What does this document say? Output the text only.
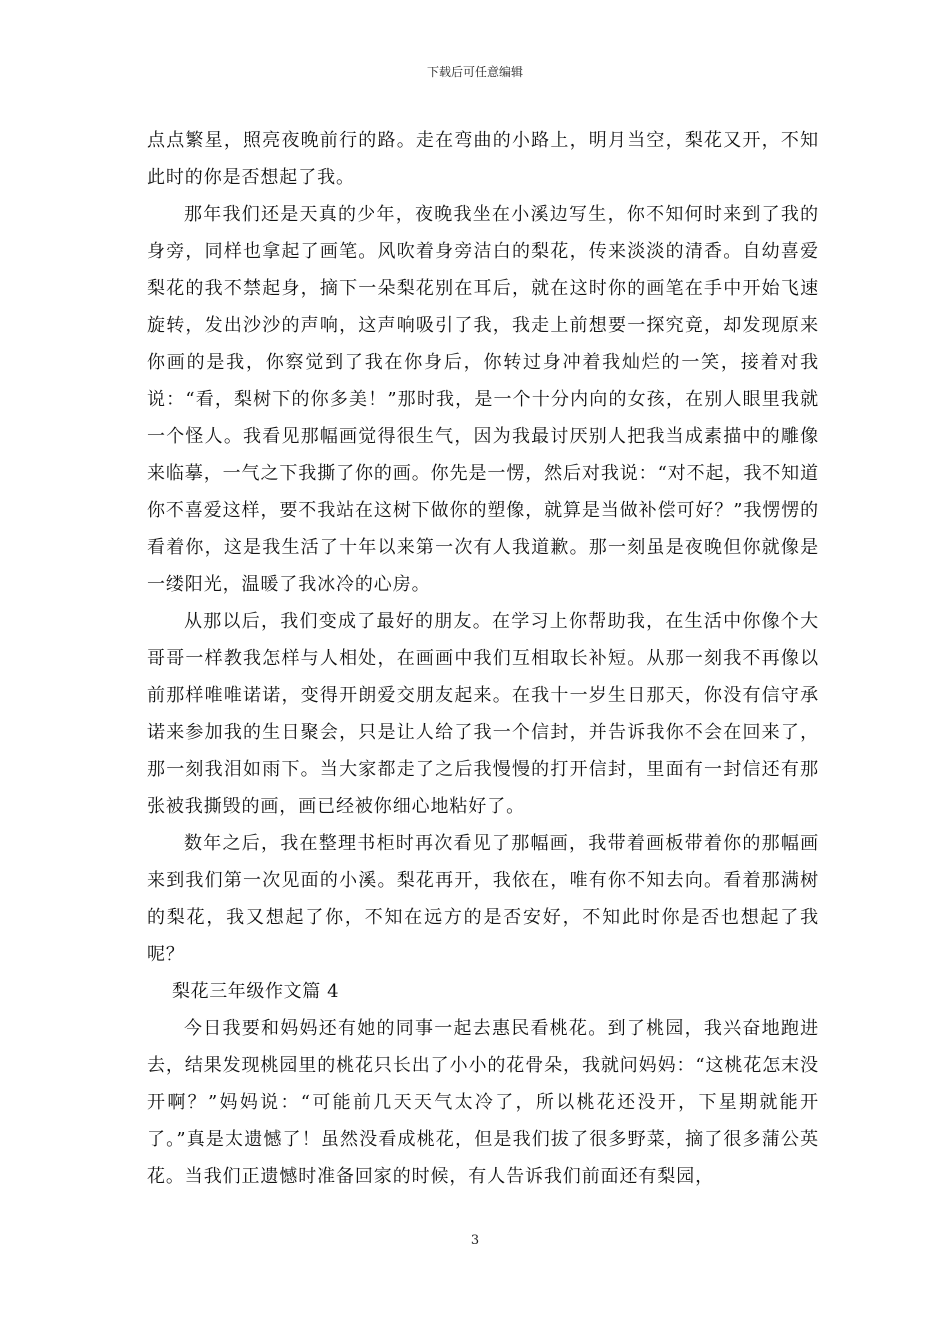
下载后可任意编辑

点点繁星，照亮夜晚前行的路。走在弯曲的小路上，明月当空，梨花又开，不知此时的你是否想起了我。

那年我们还是天真的少年，夜晚我坐在小溪边写生，你不知何时来到了我的身旁，同样也拿起了画笔。风吹着身旁洁白的梨花，传来淡淡的清香。自幼喜爱梨花的我不禁起身，摘下一朵梨花别在耳后，就在这时你的画笔在手中开始飞速旋转，发出沙沙的声响，这声响吸引了我，我走上前想要一探究竟，却发现原来你画的是我，你察觉到了我在你身后，你转过身冲着我灿烂的一笑，接着对我说：“看，梨树下的你多美！”那时我，是一个十分内向的女孩，在别人眼里我就一个怪人。我看见那幅画觉得很生气，因为我最讨厌别人把我当成素描中的雕像来临摹，一气之下我撕了你的画。你先是一愣，然后对我说：“对不起，我不知道你不喜爱这样，要不我站在这树下做你的塑像，就算是当做补偿可好？”我愣愣的看着你，这是我生活了十年以来第一次有人我道歉。那一刻虽是夜晚但你就像是一缕阳光，温暖了我冰冷的心房。

从那以后，我们变成了最好的朋友。在学习上你帮助我，在生活中你像个大哥哥一样教我怎样与人相处，在画画中我们互相取长补短。从那一刻我不再像以前那样唯唯诺诺，变得开朗爱交朋友起来。在我十一岁生日那天，你没有信守承诺来参加我的生日聚会，只是让人给了我一个信封，并告诉我你不会在回来了，那一刻我泪如雨下。当大家都走了之后我慢慢的打开信封，里面有一封信还有那张被我撕毁的画，画已经被你细心地粘好了。

数年之后，我在整理书柜时再次看见了那幅画，我带着画板带着你的那幅画来到我们第一次见面的小溪。梨花再开，我依在，唯有你不知去向。看着那满树的梨花，我又想起了你，不知在远方的是否安好，不知此时你是否也想起了我呢？

梨花三年级作文篇 4

今日我要和妈妈还有她的同事一起去惠民看桃花。到了桃园，我兴奋地跑进去，结果发现桃园里的桃花只长出了小小的花骨朵，我就问妈妈：“这桃花怎末没开啊？”妈妈说：“可能前几天天气太冷了，所以桃花还没开，下星期就能开了。”真是太遗憾了！虽然没看成桃花，但是我们拔了很多野菜，摘了很多蒲公英花。当我们正遗憾时准备回家的时候，有人告诉我们前面还有梨园，

3
